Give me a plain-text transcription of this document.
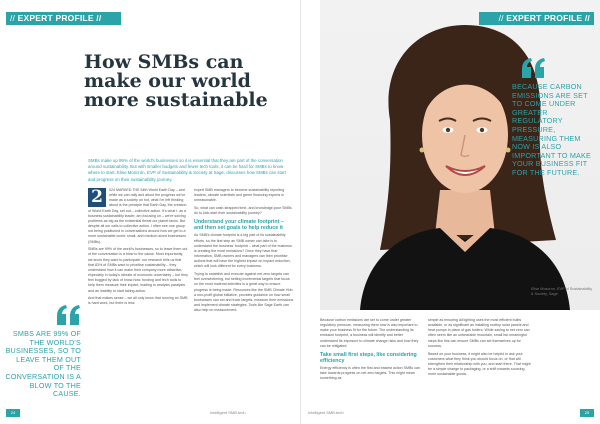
// EXPERT PROFILE //
How SMBs can make our world more sustainable

SMBs make up 99% of the world's businesses so it is essential that they are part of the conversation around sustainability. But with smaller budgets and fewer tech tools, it can be hard for SMBs to know where to start. Elise Moscrón, EVP of Sustainability & Society at Sage, discusses how SMBs can start and progress on their sustainability journey.

2	024 MARKED THE 54th World Earth Day – and while we can rally and about the progress we've made as a society on hot, what I'm left thinking about is the principle that Earth Day, the creation of World Earth Day, set out – collective action. It's what I, as a business sustainability leader, am focusing on – we're solving problems as big as the existential threat our planet faces. But despite all our calls to collective action, I often see one group not being positioned in conversations around how we get to a more sustainable world: small- and medium-sized businesses (SMBs).

SMBs are 99% of the world's businesses, so to leave them out of the conversation is a blow to the cause. Most importantly, we know they want to participate: our research tells us that that 83% of SMBs want to prioritise sustainability – they understand how it can make their company more attractive, especially in today's climate of economic uncertainty – but they feel bogged by lack of know-how: funding and tech tools to help them measure their impact, leading to analysis paralysis and an inability to start taking action.

And that makes sense – we all only know that running an SMB is hard work, but there is less

expert SMB managers to become sustainability reporting leaders, climate scientists and green financing experts is unreasonable.

So, what can cash-strapped time- and knowledge-poor SMBs do to kick-start their sustainability journey?

Understand your climate footprint – and then set goals to help reduce it

As SMB's climate footprint is a big part of its sustainability efforts, so the first step an SMB owner can take is to understand the business' footprint – what part of the business is creating the most emissions? Once they have that information, SMB owners and managers can then prioritise actions that will have the highest impact on impact reduction, which will look different for every business.

Trying to establish and execute against net zero targets can feel overwhelming, but setting incremental targets that focus on the most material activities is a great way to ensure progress is being made. Resources like the SMB Climate Hub, a non-profit global initiative, provides guidance on how small businesses can set and track targets, measure their emissions and implement climate strategies. Tools like Sage Earth can also help on measurement.

SMBS ARE 99% OF THE WORLD'S BUSINESSES, SO TO LEAVE THEM OUT OF THE CONVERSATION IS A BLOW TO THE CAUSE.
24	Intelligent SMB.tech
// EXPERT PROFILE //
BECAUSE CARBON EMISSIONS ARE SET TO COME UNDER GREATER REGULATORY PRESSURE, MEASURING THEM NOW IS ALSO IMPORTANT TO MAKE YOUR BUSINESS FIT FOR THE FUTURE.
Elise Moscrón, EVP of Sustainability & Society, Sage

Because carbon emissions are set to come under greater regulatory pressure, measuring them now is also important to make your business fit for the future. The understanding its emission footprint, a business will identify and better understand its exposure to climate change risks and how they can be mitigated.

Take small first steps, like considering efficiency

Energy efficiency is often the first and easiest action SMBs can take towards progress on net zero targets. This might mean something as

simple as ensuring all lighting uses the most efficient bulbs available, or as significant as installing rooftop solar panels and heat pumps in place of gas boilers. While saving to net zero can often seem like an unbearable mountain, small but meaningful steps like this can ensure SMBs can set themselves up for success.

Based on your business, it might also be helpful to ask your customers what they think you should focus on, or that will strengthen their relationship with you, and start there. That might be a simple change to packaging, or a shift towards sourcing more sustainable goods.

Intelligent SMB.tech	25
